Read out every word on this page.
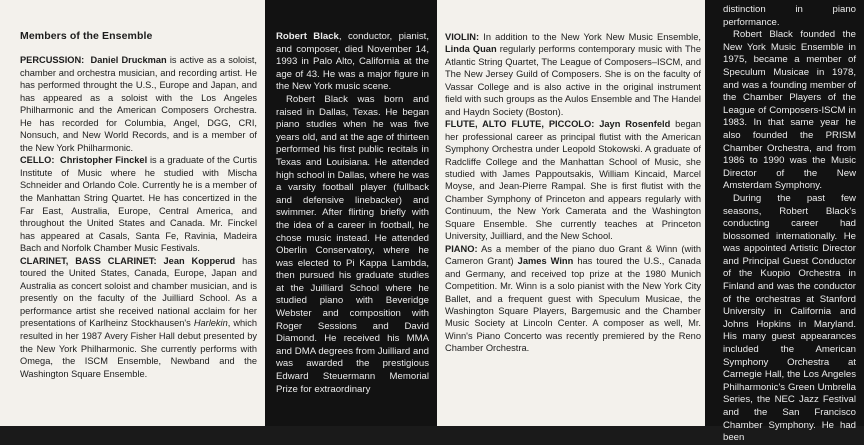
Members of the Ensemble

PERCUSSION: Daniel Druckman is active as a soloist, chamber and orchestra musician, and recording artist. He has performed throught the U.S., Europe and Japan, and has appeared as a soloist with the Los Angeles Philharmonic and the American Composers Orchestra. He has recorded for Columbia, Angel, DGG, CRI, Nonsuch, and New World Records, and is a member of the New York Philharmonic.

CELLO: Christopher Finckel is a graduate of the Curtis Institute of Music where he studied with Mischa Schneider and Orlando Cole. Currently he is a member of the Manhattan String Quartet. He has concertized in the Far East, Australia, Europe, Central America, and throughout the United States and Canada. Mr. Finckel has appeared at Casals, Santa Fe, Ravinia, Madeira Bach and Norfolk Chamber Music Festivals.

CLARINET, BASS CLARINET: Jean Kopperud has toured the United States, Canada, Europe, Japan and Australia as concert soloist and chamber musician, and is presently on the faculty of the Juilliard School. As a performance artist she received national acclaim for her presentations of Karlheinz Stockhausen's Harlekin, which resulted in her 1987 Avery Fisher Hall debut presented by the New York Philharmonic. She currently performs with Omega, the ISCM Ensemble, Newband and the Washington Square Ensemble.

Robert Black, conductor, pianist, and composer, died November 14, 1993 in Palo Alto, California at the age of 43. He was a major figure in the New York music scene.

Robert Black was born and raised in Dallas, Texas. He began piano studies when he was five years old, and at the age of thirteen performed his first public recitals in Texas and Louisiana. He attended high school in Dallas, where he was a varsity football player (fullback and defensive linebacker) and swimmer. After flirting briefly with the idea of a career in football, he chose music instead. He attended Oberlin Conservatory, where he was elected to Pi Kappa Lambda, then pursued his graduate studies at the Juilliard School where he studied piano with Beveridge Webster and composition with Roger Sessions and David Diamond. He received his MMA and DMA degrees from Juilliard and was awarded the prestigious Edward Steuermann Memorial Prize for extraordinary

VIOLIN: In addition to the New York New Music Ensemble, Linda Quan regularly performs contemporary music with The Atlantic String Quartet, The League of Composers–ISCM, and The New Jersey Guild of Composers. She is on the faculty of Vassar College and is also active in the original instrument field with such groups as the Aulos Ensemble and The Handel and Haydn Society (Boston).

FLUTE, ALTO FLUTE, PICCOLO: Jayn Rosenfeld began her professional career as principal flutist with the American Symphony Orchestra under Leopold Stokowski. A graduate of Radcliffe College and the Manhattan School of Music, she studied with James Pappoutsakis, William Kincaid, Marcel Moyse, and Jean-Pierre Rampal. She is first flutist with the Chamber Symphony of Princeton and appears regularly with Continuum, the New York Camerata and the Washington Square Ensemble. She currently teaches at Princeton University, Juilliard, and the New School.

PIANO: As a member of the piano duo Grant & Winn (with Cameron Grant) James Winn has toured the U.S., Canada and Germany, and received top prize at the 1980 Munich Competition. Mr. Winn is a solo pianist with the New York City Ballet, and a frequent guest with Speculum Musicae, the Washington Square Players, Bargemusic and the Chamber Music Society at Lincoln Center. A composer as well, Mr. Winn's Piano Concerto was recently premiered by the Reno Chamber Orchestra.

distinction in piano performance.

Robert Black founded the New York Music Ensemble in 1975, became a member of Speculum Musicae in 1978, and was a founding member of the Chamber Players of the League of Composers-ISCM in 1983. In that same year he also founded the PRISM Chamber Orchestra, and from 1986 to 1990 was the Music Director of the New Amsterdam Symphony.

During the past few seasons, Robert Black's conducting career had blossomed internationally. He was appointed Artistic Director and Principal Guest Conductor of the Kuopio Orchestra in Finland and was the conductor of the orchestras at Stanford University in California and Johns Hopkins in Maryland. His many guest appearances included the American Symphony Orchestra at Carnegie Hall, the Los Angeles Philharmonic's Green Umbrella Series, the NEC Jazz Festival and the San Francisco Chamber Symphony. He had been
